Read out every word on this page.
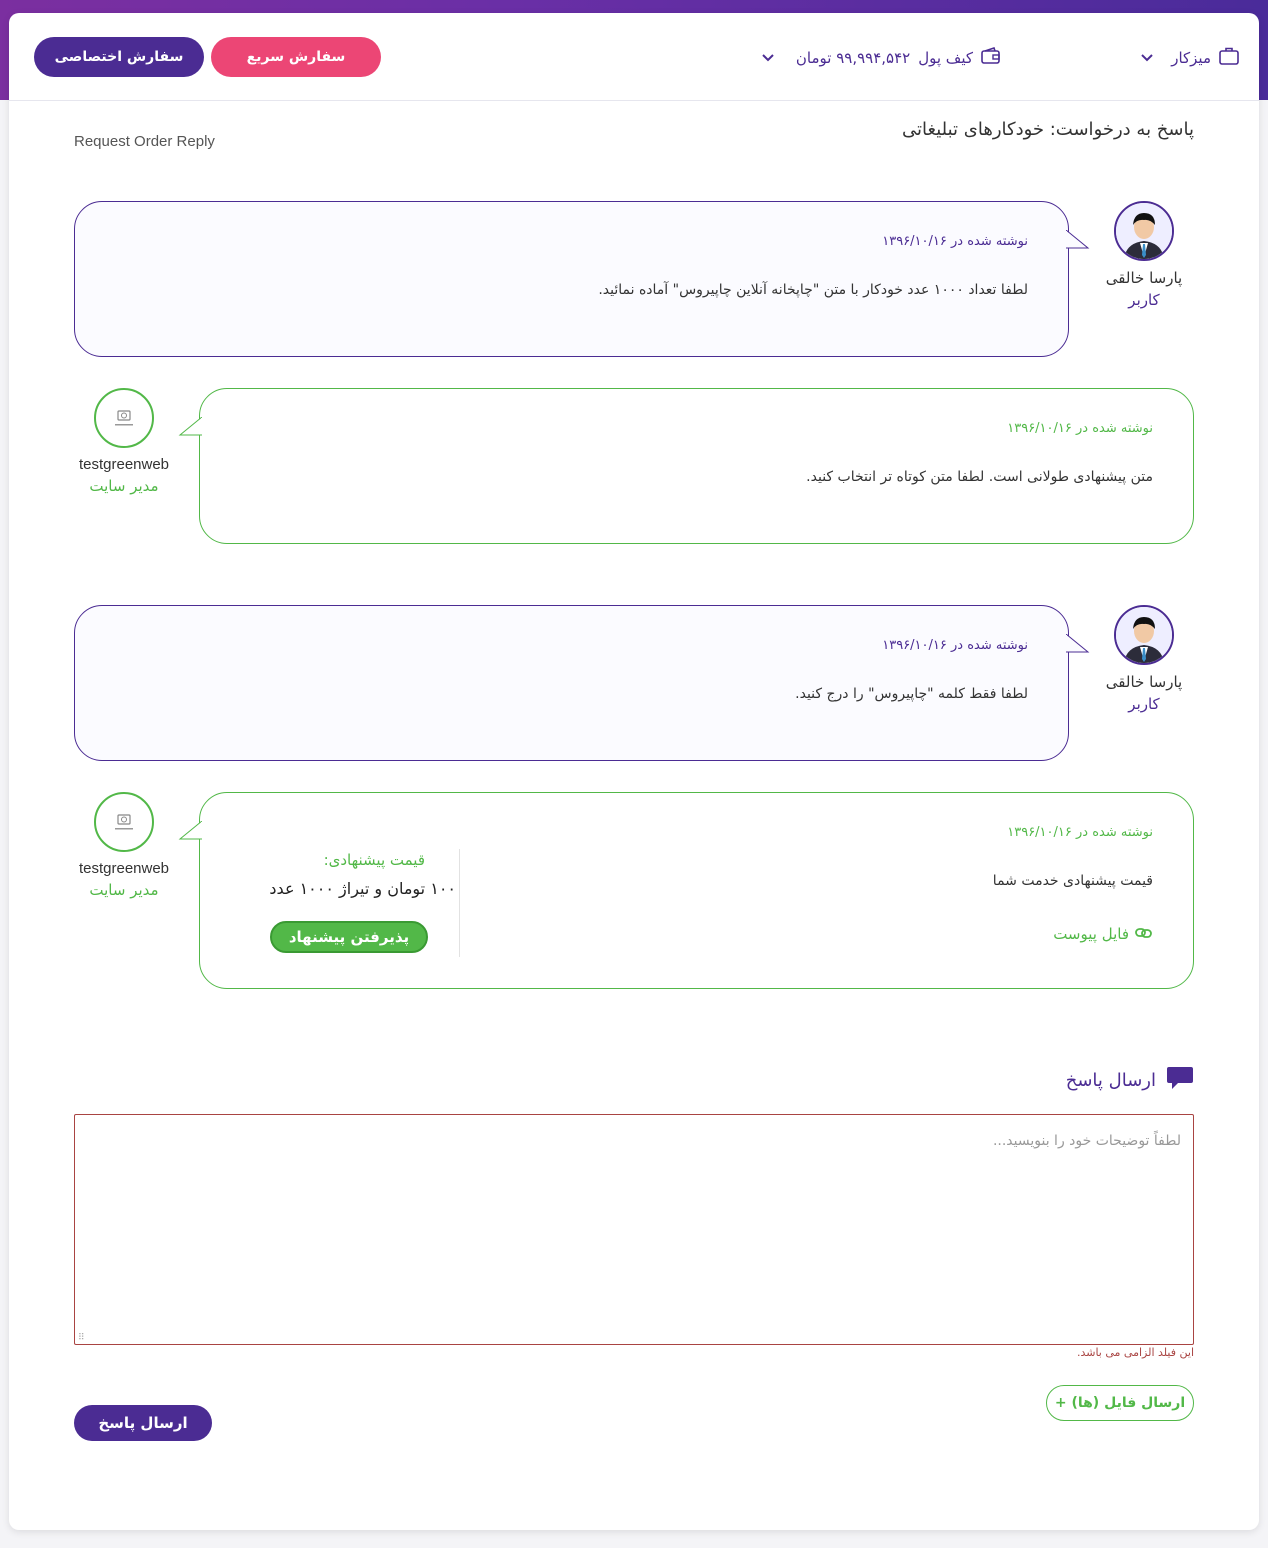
سفارش اختصاصی	سفارش سریع	کیف پول
۹۹,۹۹۴,۵۴۲ تومان	میزکار
پاسخ به درخواست: خودکارهای تبلیغاتی
Request Order Reply
نوشته شده در ۱۳۹۶/۱۰/۱۶
لطفا تعداد ۱۰۰۰ عدد خودکار با متن "چاپخانه آنلاین چاپیروس" آماده نمائید.
پارسا خالقی
کاربر
نوشته شده در ۱۳۹۶/۱۰/۱۶
متن پیشنهادی طولانی است. لطفا متن کوتاه تر انتخاب کنید.
testgreenweb
مدیر سایت
نوشته شده در ۱۳۹۶/۱۰/۱۶
لطفا فقط کلمه "چاپیروس" را درج کنید.
پارسا خالقی
کاربر
نوشته شده در ۱۳۹۶/۱۰/۱۶
قیمت پیشنهادی خدمت شما
فایل پیوست
قیمت پیشنهادی:
۱۰۰ تومان و تیراژ ۱۰۰۰ عدد
پذیرفتن پیشنهاد
testgreenweb
مدیر سایت
ارسال پاسخ
لطفاً توضیحات خود را بنویسید...
⠿
این فیلد الزامی می باشد.
ارسال فایل (ها) +
ارسال پاسخ
